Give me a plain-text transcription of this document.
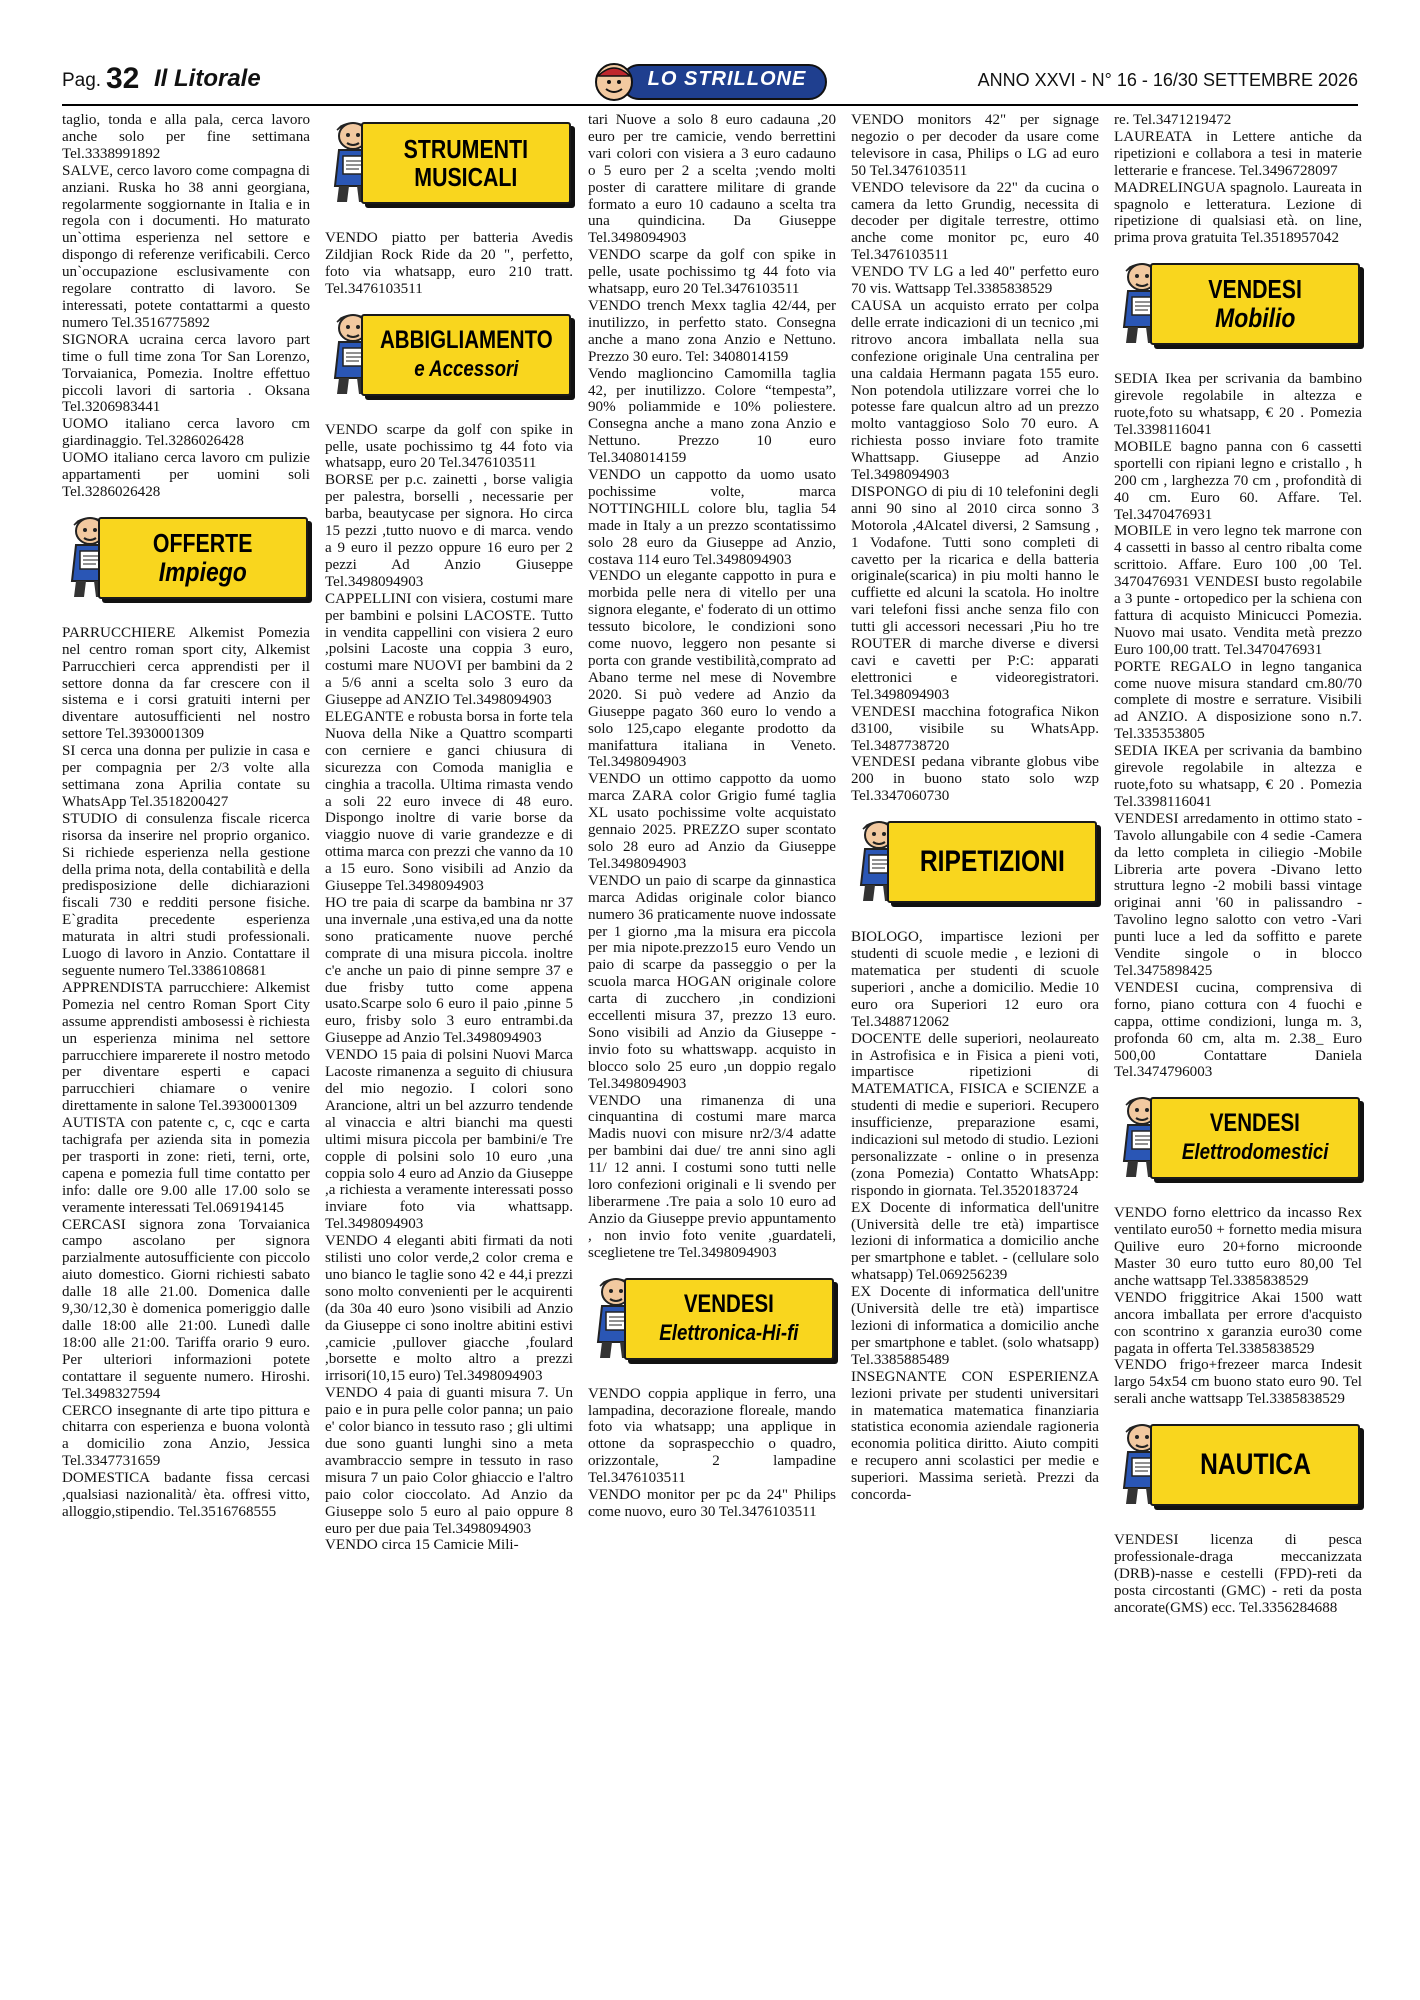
Pag. 32 Il Litorale	LO STRILLONE	ANNO XXVI - N° 16 - 16/30 SETTEMBRE 2026

taglio, tonda e alla pala, cerca lavoro anche solo per fine settimana Tel.3338991892

SALVE, cerco lavoro come compagna di anziani. Ruska ho 38 anni georgiana, regolarmente soggiornante in Italia e in regola con i documenti. Ho maturato un`ottima esperienza nel settore e dispongo di referenze verificabili. Cerco un`occupazione esclusivamente con regolare contratto di lavoro. Se interessati, potete contattarmi a questo numero Tel.3516775892

SIGNORA ucraina cerca lavoro part time o full time zona Tor San Lorenzo, Torvaianica, Pomezia. Inoltre effettuo piccoli lavori di sartoria . Oksana Tel.3206983441

UOMO italiano cerca lavoro cm giardinaggio. Tel.3286026428

UOMO italiano cerca lavoro cm pulizie appartamenti per uomini soli Tel.3286026428

OFFERTE
Impiego

PARRUCCHIERE Alkemist Pomezia nel centro roman sport city, Alkemist Parrucchieri cerca apprendisti per il settore donna da far crescere con il sistema e i corsi gratuiti interni per diventare autosufficienti nel nostro settore Tel.3930001309

SI cerca una donna per pulizie in casa e per compagnia per 2/3 volte alla settimana zona Aprilia contate su WhatsApp Tel.3518200427

STUDIO di consulenza fiscale ricerca risorsa da inserire nel proprio organico. Si richiede esperienza nella gestione della prima nota, della contabilità e della predisposizione delle dichiarazioni fiscali 730 e redditi persone fisiche. E`gradita precedente esperienza maturata in altri studi professionali. Luogo di lavoro in Anzio. Contattare il seguente numero Tel.3386108681

APPRENDISTA parrucchiere: Alkemist Pomezia nel centro Roman Sport City assume apprendisti ambosessi è richiesta un esperienza minima nel settore parrucchiere imparerete il nostro metodo per diventare esperti e capaci parrucchieri chiamare o venire direttamente in salone Tel.3930001309

AUTISTA con patente c, c, cqc e carta tachigrafa per azienda sita in pomezia per trasporti in zone: rieti, terni, orte, capena e pomezia full time contatto per info: dalle ore 9.00 alle 17.00 solo se veramente interessati Tel.069194145

CERCASI signora zona Torvaianica campo ascolano per signora parzialmente autosufficiente con piccolo aiuto domestico. Giorni richiesti sabato dalle 18 alle 21.00. Domenica dalle 9,30/12,30 è domenica pomeriggio dalle dalle 18:00 alle 21:00. Lunedì dalle 18:00 alle 21:00. Tariffa orario 9 euro. Per ulteriori informazioni potete contattare il seguente numero. Hiroshi. Tel.3498327594

CERCO insegnante di arte tipo pittura e chitarra con esperienza e buona volontà a domicilio zona Anzio, Jessica Tel.3347731659

DOMESTICA badante fissa cercasi ,qualsiasi nazionalità/ èta. offresi vitto, alloggio,stipendio. Tel.3516768555

STRUMENTI
MUSICALI

VENDO piatto per batteria Avedis Zildjian Rock Ride da 20 ", perfetto, foto via whatsapp, euro 210 tratt. Tel.3476103511

ABBIGLIAMENTO
e Accessori

VENDO scarpe da golf con spike in pelle, usate pochissimo tg 44 foto via whatsapp, euro 20 Tel.3476103511

BORSE per p.c. zainetti , borse valigia per palestra, borselli , necessarie per barba, beautycase per signora. Ho circa 15 pezzi ,tutto nuovo e di marca. vendo a 9 euro il pezzo oppure 16 euro per 2 pezzi Ad Anzio Giuseppe Tel.3498094903

CAPPELLINI con visiera, costumi mare per bambini e polsini LACOSTE. Tutto in vendita cappellini con visiera 2 euro ,polsini Lacoste una coppia 3 euro, costumi mare NUOVI per bambini da 2 a 5/6 anni a scelta solo 3 euro da Giuseppe ad ANZIO Tel.3498094903

ELEGANTE e robusta borsa in forte tela Nuova della Nike a Quattro scomparti con cerniere e ganci chiusura di sicurezza con Comoda maniglia e cinghia a tracolla. Ultima rimasta vendo a soli 22 euro invece di 48 euro. Dispongo inoltre di varie borse da viaggio nuove di varie grandezze e di ottima marca con prezzi che vanno da 10 a 15 euro. Sono visibili ad Anzio da Giuseppe Tel.3498094903

HO tre paia di scarpe da bambina nr 37 una invernale ,una estiva,ed una da notte sono praticamente nuove perché comprate di una misura piccola. inoltre c'e anche un paio di pinne sempre 37 e due frisby tutto come appena usato.Scarpe solo 6 euro il paio ,pinne 5 euro, frisby solo 3 euro entrambi.da Giuseppe ad Anzio Tel.3498094903

VENDO 15 paia di polsini Nuovi Marca Lacoste rimanenza a seguito di chiusura del mio negozio. I colori sono Arancione, altri un bel azzurro tendende al vinaccia e altri bianchi ma questi ultimi misura piccola per bambini/e Tre copple di polsini solo 10 euro ,una coppia solo 4 euro ad Anzio da Giuseppe ,a richiesta a veramente interessati posso inviare foto via whattsapp. Tel.3498094903

VENDO 4 eleganti abiti firmati da noti stilisti uno color verde,2 color crema e uno bianco le taglie sono 42 e 44,i prezzi sono molto convenienti per le acquirenti (da 30a 40 euro )sono visibili ad Anzio da Giuseppe ci sono inoltre abitini estivi ,camicie ,pullover giacche ,foulard ,borsette e molto altro a prezzi irrisori(10,15 euro) Tel.3498094903

VENDO 4 paia di guanti misura 7. Un paio e in pura pelle color panna; un paio e' color bianco in tessuto raso ; gli ultimi due sono guanti lunghi sino a meta avambraccio sempre in tessuto in raso misura 7 un paio Color ghiaccio e l'altro paio color cioccolato. Ad Anzio da Giuseppe solo 5 euro al paio oppure 8 euro per due paia Tel.3498094903

VENDO circa 15 Camicie Mili-

tari Nuove a solo 8 euro cadauna ,20 euro per tre camicie, vendo berrettini vari colori con visiera a 3 euro cadauno o 5 euro per 2 a scelta ;vendo molti poster di carattere militare di grande formato a euro 10 cadauno a scelta tra una quindicina. Da Giuseppe Tel.3498094903

VENDO scarpe da golf con spike in pelle, usate pochissimo tg 44 foto via whatsapp, euro 20 Tel.3476103511

VENDO trench Mexx taglia 42/44, per inutilizzo, in perfetto stato. Consegna anche a mano zona Anzio e Nettuno. Prezzo 30 euro. Tel: 3408014159

Vendo maglioncino Camomilla taglia 42, per inutilizzo. Colore “tempesta”, 90% poliammide e 10% poliestere. Consegna anche a mano zona Anzio e Nettuno. Prezzo 10 euro Tel.3408014159

VENDO un cappotto da uomo usato pochissime volte, marca NOTTINGHILL colore blu, taglia 54 made in Italy a un prezzo scontatissimo solo 28 euro da Giuseppe ad Anzio, costava 114 euro Tel.3498094903

VENDO un elegante cappotto in pura e morbida pelle nera di vitello per una signora elegante, e' foderato di un ottimo tessuto bicolore, le condizioni sono come nuovo, leggero non pesante si porta con grande vestibilità,comprato ad Abano terme nel mese di Novembre 2020. Si può vedere ad Anzio da Giuseppe pagato 360 euro lo vendo a solo 125,capo elegante prodotto da manifattura italiana in Veneto. Tel.3498094903

VENDO un ottimo cappotto da uomo marca ZARA color Grigio fumé taglia XL usato pochissime volte acquistato gennaio 2025. PREZZO super scontato solo 28 euro ad Anzio da Giuseppe Tel.3498094903

VENDO un paio di scarpe da ginnastica marca Adidas originale color bianco numero 36 praticamente nuove indossate per 1 giorno ,ma la misura era piccola per mia nipote.prezzo15 euro Vendo un paio di scarpe da passeggio o per la scuola marca HOGAN originale colore carta di zucchero ,in condizioni eccellenti misura 37, prezzo 13 euro. Sono visibili ad Anzio da Giuseppe -invio foto su whattswapp. acquisto in blocco solo 25 euro ,un doppio regalo Tel.3498094903

VENDO una rimanenza di una cinquantina di costumi mare marca Madis nuovi con misure nr2/3/4 adatte per bambini dai due/ tre anni sino agli 11/ 12 anni. I costumi sono tutti nelle loro confezioni originali e li svendo per liberarmene .Tre paia a solo 10 euro ad Anzio da Giuseppe previo appuntamento , non invio foto venite ,guardateli, sceglietene tre Tel.3498094903

VENDESI
Elettronica-Hi-fi

VENDO coppia applique in ferro, una lampadina, decorazione floreale, mando foto via whatsapp; una applique in ottone da sopraspecchio o quadro, orizzontale, 2 lampadine Tel.3476103511

VENDO monitor per pc da 24" Philips come nuovo, euro 30 Tel.3476103511

VENDO monitors 42" per signage negozio o per decoder da usare come televisore in casa, Philips o LG ad euro 50 Tel.3476103511

VENDO televisore da 22" da cucina o camera da letto Grundig, necessita di decoder per digitale terrestre, ottimo anche come monitor pc, euro 40 Tel.3476103511

VENDO TV LG a led 40" perfetto euro 70 vis. Wattsapp Tel.3385838529

CAUSA un acquisto errato per colpa delle errate indicazioni di un tecnico ,mi ritrovo ancora imballata nella sua confezione originale Una centralina per una caldaia Hermann pagata 155 euro. Non potendola utilizzare vorrei che lo potesse fare qualcun altro ad un prezzo molto vantaggioso Solo 70 euro. A richiesta posso inviare foto tramite Whattsapp. Giuseppe ad Anzio Tel.3498094903

DISPONGO di piu di 10 telefonini degli anni 90 sino al 2010 circa sonno 3 Motorola ,4Alcatel diversi, 2 Samsung , 1 Vodafone. Tutti sono completi di cavetto per la ricarica e della batteria originale(scarica) in piu molti hanno le cuffiette ed alcuni la scatola. Ho inoltre vari telefoni fissi anche senza filo con tutti gli accessori necessari ,Piu ho tre ROUTER di marche diverse e diversi cavi e cavetti per P:C: apparati elettronici e videoregistratori. Tel.3498094903

VENDESI macchina fotografica Nikon d3100, visibile su WhatsApp. Tel.3487738720

VENDESI pedana vibrante globus vibe 200 in buono stato solo wzp Tel.3347060730

RIPETIZIONI

BIOLOGO, impartisce lezioni per studenti di scuole medie , e lezioni di matematica per studenti di scuole superiori , anche a domicilio. Medie 10 euro ora Superiori 12 euro ora Tel.3488712062

DOCENTE delle superiori, neolaureato in Astrofisica e in Fisica a pieni voti, impartisce ripetizioni di MATEMATICA, FISICA e SCIENZE a studenti di medie e superiori. Recupero insufficienze, preparazione esami, indicazioni sul metodo di studio. Lezioni personalizzate - online o in presenza (zona Pomezia) Contatto WhatsApp: rispondo in giornata. Tel.3520183724

EX Docente di informatica dell'unitre (Università delle tre età) impartisce lezioni di informatica a domicilio anche per smartphone e tablet. - (cellulare solo whatsapp) Tel.069256239

EX Docente di informatica dell'unitre (Università delle tre età) impartisce lezioni di informatica a domicilio anche per smartphone e tablet. (solo whatsapp) Tel.3385885489

INSEGNANTE CON ESPERIENZA lezioni private per studenti universitari in matematica matematica finanziaria statistica economia aziendale ragioneria economia politica diritto. Aiuto compiti e recupero anni scolastici per medie e superiori. Massima serietà. Prezzi da concorda-

re. Tel.3471219472

LAUREATA in Lettere antiche da ripetizioni e collabora a tesi in materie letterarie e francese. Tel.3496728097

MADRELINGUA spagnolo. Laureata in spagnolo e letteratura. Lezione di ripetizione di qualsiasi età. on line, prima prova gratuita Tel.3518957042

VENDESI
Mobilio

SEDIA Ikea per scrivania da bambino girevole regolabile in altezza e ruote,foto su whatsapp, € 20 . Pomezia Tel.3398116041

MOBILE bagno panna con 6 cassetti sportelli con ripiani legno e cristallo , h 200 cm , larghezza 70 cm , profondità di 40 cm. Euro 60. Affare. Tel. Tel.3470476931

MOBILE in vero legno tek marrone con 4 cassetti in basso al centro ribalta come scrittoio. Affare. Euro 100 ,00 Tel. 3470476931 VENDESI busto regolabile a 3 punte - ortopedico per la schiena con fattura di acquisto Minicucci Pomezia. Nuovo mai usato. Vendita metà prezzo Euro 100,00 tratt. Tel.3470476931

PORTE REGALO in legno tanganica come nuove misura standard cm.80/70 complete di mostre e serrature. Visibili ad ANZIO. A disposizione sono n.7. Tel.335353805

SEDIA IKEA per scrivania da bambino girevole regolabile in altezza e ruote,foto su whatsapp, € 20 . Pomezia Tel.3398116041

VENDESI arredamento in ottimo stato -Tavolo allungabile con 4 sedie -Camera da letto completa in ciliegio -Mobile Libreria arte povera -Divano letto struttura legno -2 mobili bassi vintage originai anni '60 in palissandro - Tavolino legno salotto con vetro -Vari punti luce a led da soffitto e parete Vendite singole o in blocco Tel.3475898425

VENDESI cucina, comprensiva di forno, piano cottura con 4 fuochi e cappa, ottime condizioni, lunga m. 3, profonda 60 cm, alta m. 2.38_ Euro 500,00 Contattare Daniela Tel.3474796003

VENDESI
Elettrodomestici

VENDO forno elettrico da incasso Rex ventilato euro50 + fornetto media misura Quilive euro 20+forno microonde Master 30 euro tutto euro 80,00 Tel anche wattsapp Tel.3385838529

VENDO friggitrice Akai 1500 watt ancora imballata per errore d'acquisto con scontrino x garanzia euro30 come pagata in offerta Tel.3385838529

VENDO frigo+frezeer marca Indesit largo 54x54 cm buono stato euro 90. Tel serali anche wattsapp Tel.3385838529

NAUTICA

VENDESI licenza di pesca professionale-draga meccanizzata (DRB)-nasse e cestelli (FPD)-reti da posta circostanti (GMC) - reti da posta ancorate(GMS) ecc. Tel.3356284688
